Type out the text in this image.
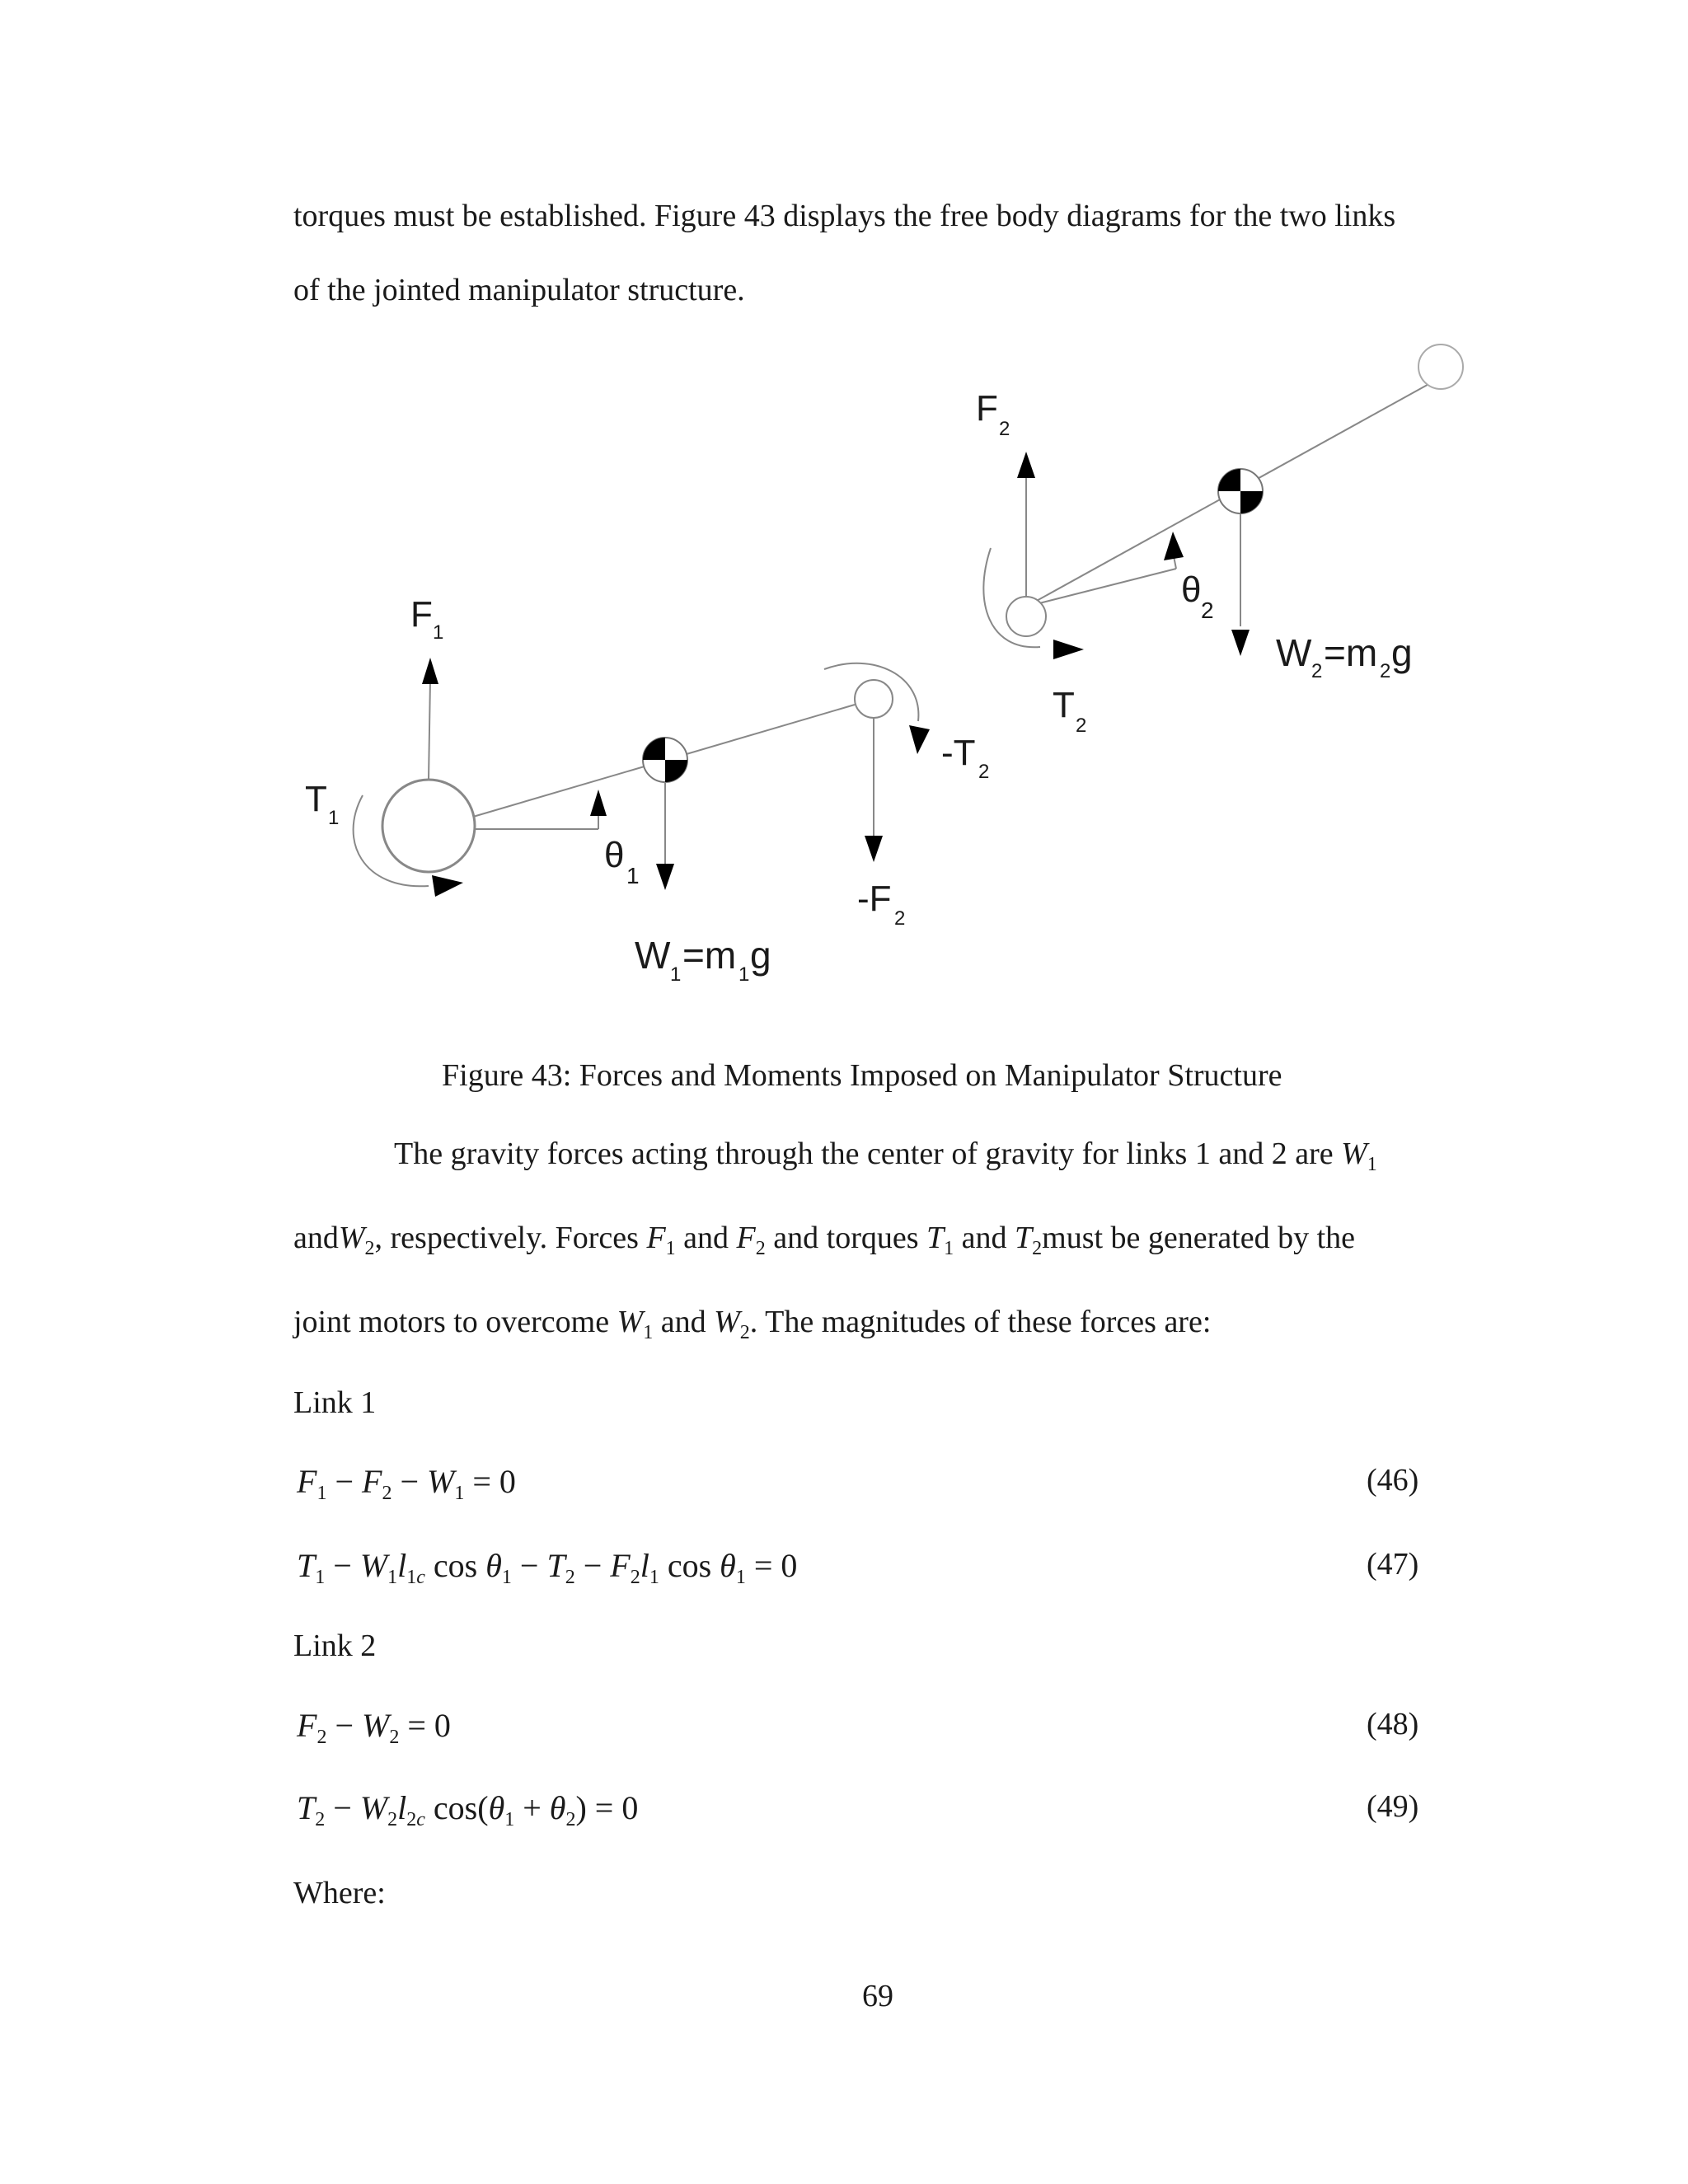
torques must be established. Figure 43 displays the free body diagrams for the two links
of the jointed manipulator structure.
F 1
T 1
θ
1
W 1 =m 1 g
-F 2
-T 2
F
2
T
2
θ
2
W 2 =m 2 g
Figure 43: Forces and Moments Imposed on Manipulator Structure
The gravity forces acting through the center of gravity for links 1 and 2 are $W_1$
andW$_2$, respectively. Forces $F_1$ and $F_2$ and torques $T_1$ and $T_2must$ be generated by the
joint motors to overcome $W_1$ and $W_2$. The magnitudes of these forces are:
Link 1
$F_1 - F_2 - W_1 = 0$	(46)
$T_1 - W_1l_{1c}$ $\cos \theta_1 - T_2 - F_2l_1$ $\cos \theta_1 = 0$	(47)
Link 2
$F_2 - W_2 = 0$	(48)
$T_2 - W_2l_{2c}$ $\cos(\theta_1 + \theta_2) = 0$	(49)
Where:
69
